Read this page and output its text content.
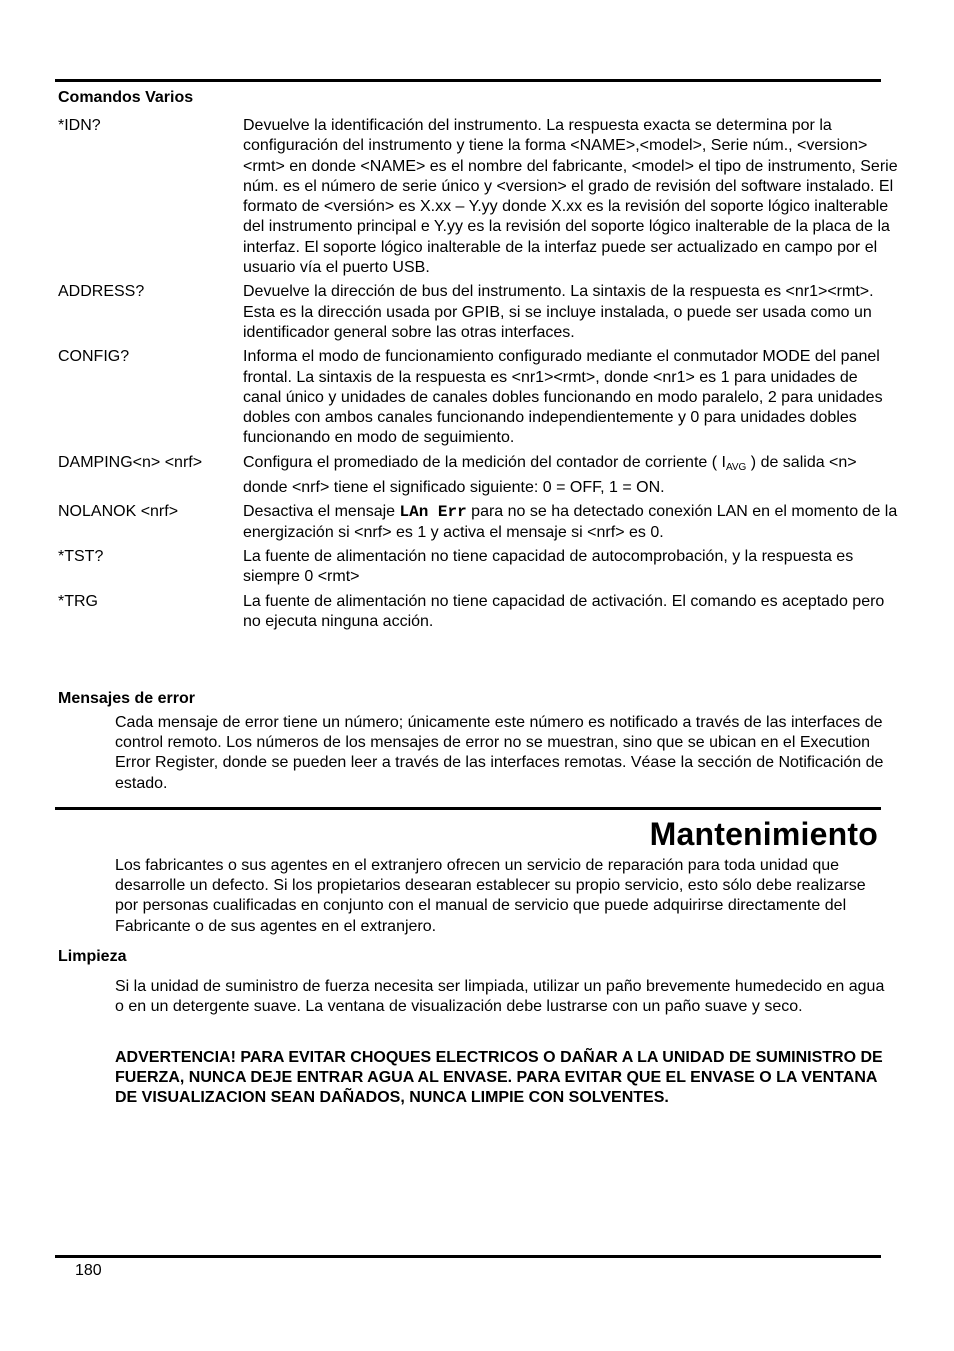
Comandos Varios
*IDN?	Devuelve la identificación del instrumento. La respuesta exacta se determina por la configuración del instrumento y tiene la forma <NAME>,<model>, Serie núm., <version><rmt> en donde <NAME> es el nombre del fabricante, <model> el tipo de instrumento, Serie núm. es el número de serie único y <version> el grado de revisión del software instalado. El formato de <versión> es X.xx – Y.yy donde X.xx es la revisión del soporte lógico inalterable del instrumento principal e Y.yy es la revisión del soporte lógico inalterable de la placa de la interfaz. El soporte lógico inalterable de la interfaz puede ser actualizado en campo por el usuario vía el puerto USB.
ADDRESS?	Devuelve la dirección de bus del instrumento. La sintaxis de la respuesta es <nr1><rmt>. Esta es la dirección usada por GPIB, si se incluye instalada, o puede ser usada como un identificador general sobre las otras interfaces.
CONFIG?	Informa el modo de funcionamiento configurado mediante el conmutador MODE del panel frontal. La sintaxis de la respuesta es <nr1><rmt>, donde <nr1> es 1 para unidades de canal único y unidades de canales dobles funcionando en modo paralelo, 2 para unidades dobles con ambos canales funcionando independientemente y 0 para unidades dobles funcionando en modo de seguimiento.
DAMPING<n> <nrf>	Configura el promediado de la medición del contador de corriente ( $I_{AVG}$ ) de salida <n> donde <nrf> tiene el significado siguiente: 0 = OFF, 1 = ON.
NOLANOK <nrf>	Desactiva el mensaje LAn Err para no se ha detectado conexión LAN en el momento de la energización si <nrf> es 1 y activa el mensaje si <nrf> es 0.
*TST?	La fuente de alimentación no tiene capacidad de autocomprobación, y la respuesta es siempre 0 <rmt>
*TRG	La fuente de alimentación no tiene capacidad de activación. El comando es aceptado pero no ejecuta ninguna acción.
Mensajes de error
Cada mensaje de error tiene un número; únicamente este número es notificado a través de las interfaces de control remoto. Los números de los mensajes de error no se muestran, sino que se ubican en el Execution Error Register, donde se pueden leer a través de las interfaces remotas. Véase la sección de Notificación de estado.
Mantenimiento
Los fabricantes o sus agentes en el extranjero ofrecen un servicio de reparación para toda unidad que desarrolle un defecto. Si los propietarios desearan establecer su propio servicio, esto sólo debe realizarse por personas cualificadas en conjunto con el manual de servicio que puede adquirirse directamente del Fabricante o de sus agentes en el extranjero.
Limpieza
Si la unidad de suministro de fuerza necesita ser limpiada, utilizar un paño brevemente humedecido en agua o en un detergente suave. La ventana de visualización debe lustrarse con un paño suave y seco.
ADVERTENCIA! PARA EVITAR CHOQUES ELECTRICOS O DAÑAR A LA UNIDAD DE SUMINISTRO DE FUERZA, NUNCA DEJE ENTRAR AGUA AL ENVASE. PARA EVITAR QUE EL ENVASE O LA VENTANA DE VISUALIZACION SEAN DAÑADOS, NUNCA LIMPIE CON SOLVENTES.
180
